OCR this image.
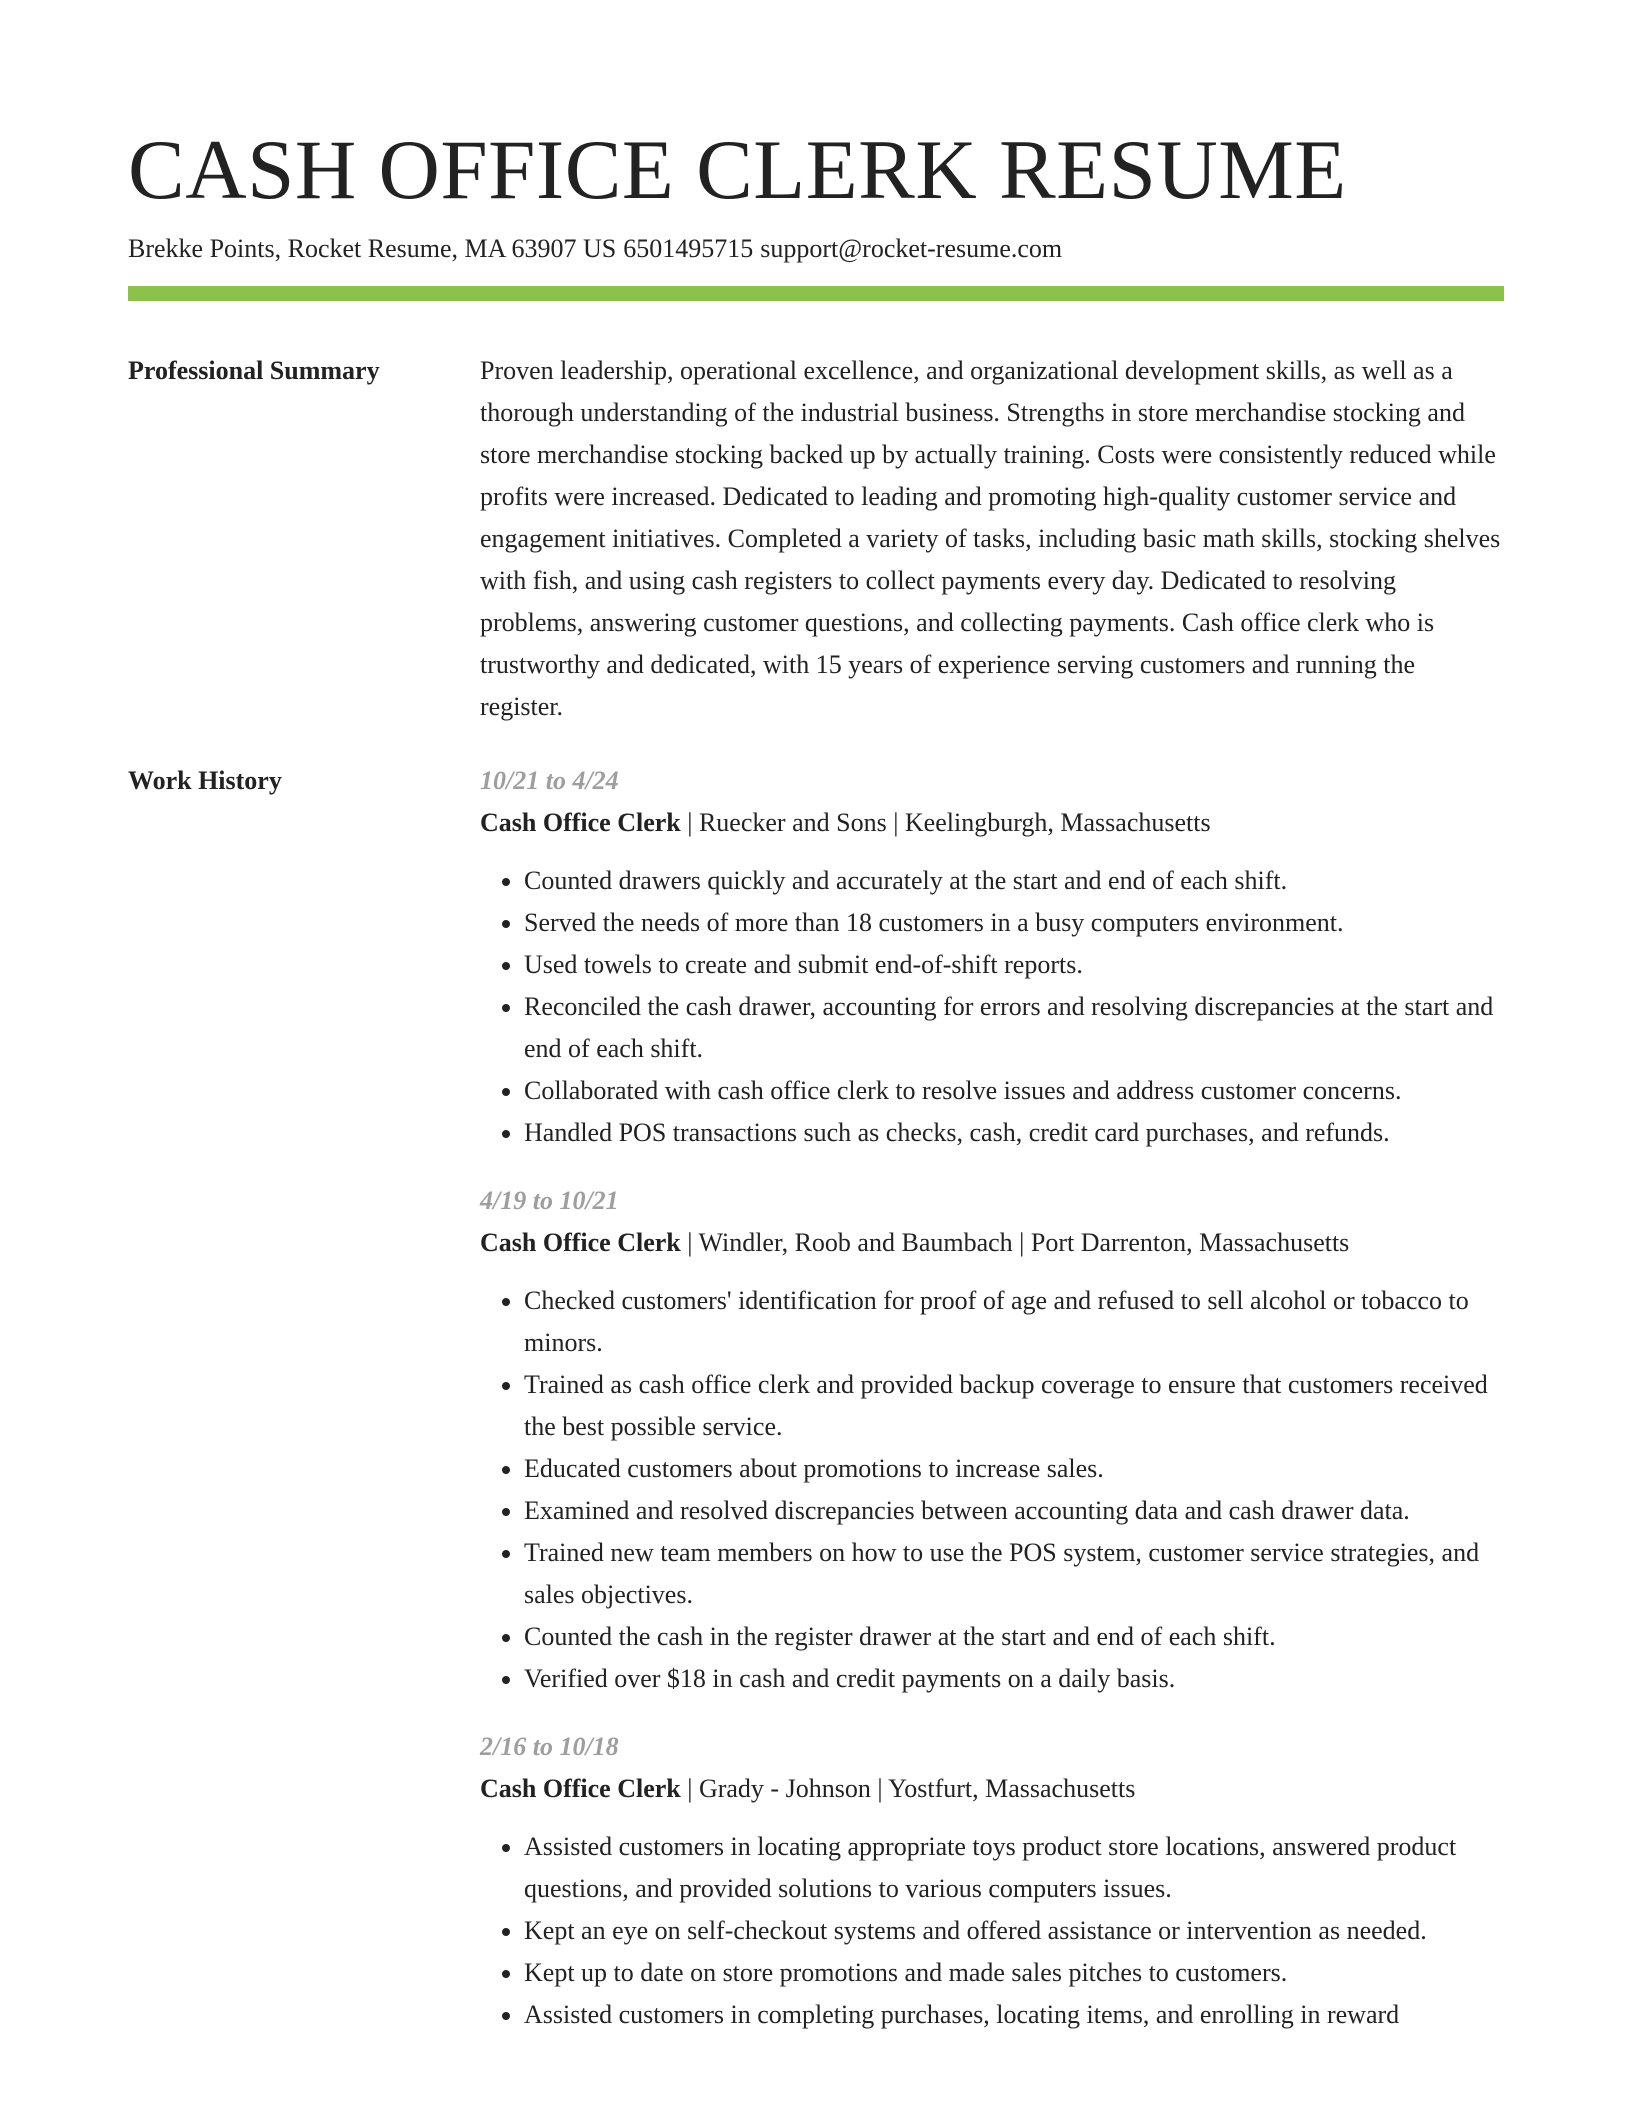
CASH OFFICE CLERK RESUME
Brekke Points, Rocket Resume, MA 63907 US 6501495715 support@rocket-resume.com
Professional Summary	Proven leadership, operational excellence, and organizational development skills, as well as a thorough understanding of the industrial business. Strengths in store merchandise stocking and store merchandise stocking backed up by actually training. Costs were consistently reduced while profits were increased. Dedicated to leading and promoting high-quality customer service and engagement initiatives. Completed a variety of tasks, including basic math skills, stocking shelves with fish, and using cash registers to collect payments every day. Dedicated to resolving problems, answering customer questions, and collecting payments. Cash office clerk who is trustworthy and dedicated, with 15 years of experience serving customers and running the register.

Work History	10/21 to 4/24
Cash Office Clerk | Ruecker and Sons | Keelingburgh, Massachusetts
• Counted drawers quickly and accurately at the start and end of each shift.
• Served the needs of more than 18 customers in a busy computers environment.
• Used towels to create and submit end-of-shift reports.
• Reconciled the cash drawer, accounting for errors and resolving discrepancies at the start and end of each shift.
• Collaborated with cash office clerk to resolve issues and address customer concerns.
• Handled POS transactions such as checks, cash, credit card purchases, and refunds.
4/19 to 10/21
Cash Office Clerk | Windler, Roob and Baumbach | Port Darrenton, Massachusetts
• Checked customers' identification for proof of age and refused to sell alcohol or tobacco to minors.
• Trained as cash office clerk and provided backup coverage to ensure that customers received the best possible service.
• Educated customers about promotions to increase sales.
• Examined and resolved discrepancies between accounting data and cash drawer data.
• Trained new team members on how to use the POS system, customer service strategies, and sales objectives.
• Counted the cash in the register drawer at the start and end of each shift.
• Verified over $18 in cash and credit payments on a daily basis.
2/16 to 10/18
Cash Office Clerk | Grady - Johnson | Yostfurt, Massachusetts
• Assisted customers in locating appropriate toys product store locations, answered product questions, and provided solutions to various computers issues.
• Kept an eye on self-checkout systems and offered assistance or intervention as needed.
• Kept up to date on store promotions and made sales pitches to customers.
• Assisted customers in completing purchases, locating items, and enrolling in reward
